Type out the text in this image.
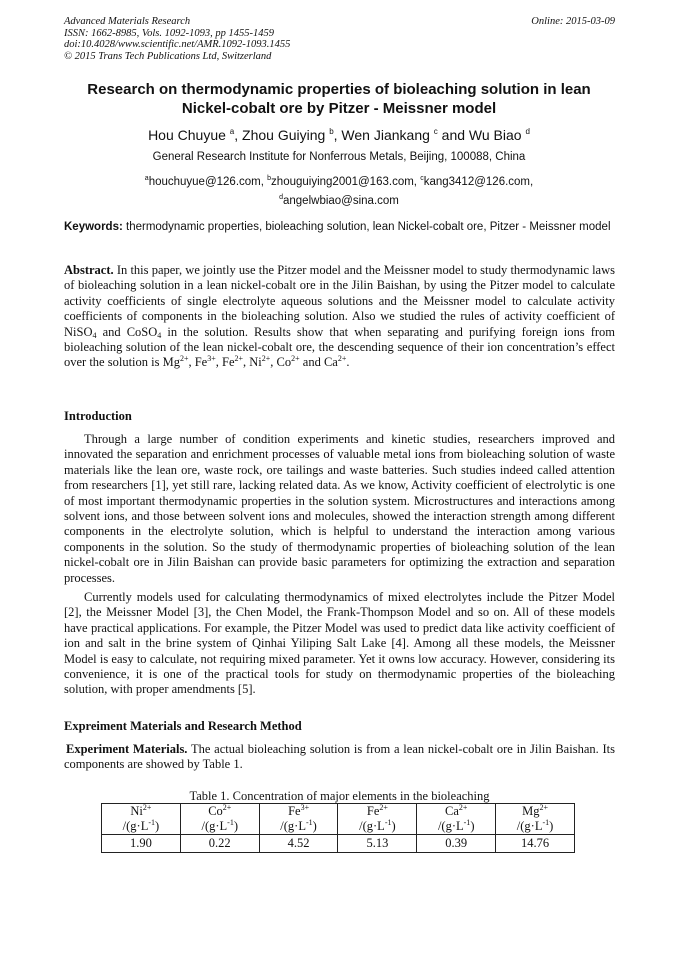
Advanced Materials Research
ISSN: 1662-8985, Vols. 1092-1093, pp 1455-1459
doi:10.4028/www.scientific.net/AMR.1092-1093.1455
© 2015 Trans Tech Publications Ltd, Switzerland
Online: 2015-03-09
Research on thermodynamic properties of bioleaching solution in lean
Nickel-cobalt ore by Pitzer - Meissner model
Hou Chuyue $^a$, Zhou Guiying $^b$, Wen Jiankang $^c$ and Wu Biao $^d$
General Research Institute for Nonferrous Metals, Beijing, 100088, China
$^a$houchuyue@126.com, $^b$zhouguiying2001@163.com, $^c$kang3412@126.com,
$^d$angelwbiao@sina.com
Keywords: thermodynamic properties, bioleaching solution, lean Nickel-cobalt ore, Pitzer - Meissner model
Abstract. In this paper, we jointly use the Pitzer model and the Meissner model to study thermodynamic laws of bioleaching solution in a lean nickel-cobalt ore in the Jilin Baishan, by using the Pitzer model to calculate activity coefficients of single electrolyte aqueous solutions and the Meissner model to calculate activity coefficients of components in the bioleaching solution. Also we studied the rules of activity coefficient of NiSO$_4$ and CoSO$_4$ in the solution. Results show that when separating and purifying foreign ions from bioleaching solution of the lean nickel-cobalt ore, the descending sequence of their ion concentration’s effect over the solution is $Mg^{2+}$, $Fe^{3+}$, $Fe^{2+}$, $Ni^{2+}$, $Co^{2+}$ and $Ca^{2+}$.
Introduction
Through a large number of condition experiments and kinetic studies, researchers improved and innovated the separation and enrichment processes of valuable metal ions from bioleaching solution of waste materials like the lean ore, waste rock, ore tailings and waste batteries. Such studies indeed called attention from researchers [1], yet still rare, lacking related data. As we know, Activity coefficient of electrolytic is one of most important thermodynamic properties in the solution system. Microstructures and interactions among solvent ions, and those between solvent ions and molecules, showed the interaction strength among different components in the electrolyte solution, which is helpful to understand the interaction among various components in the solution. So the study of thermodynamic properties of bioleaching solution of the lean nickel-cobalt ore in Jilin Baishan can provide basic parameters for optimizing the extraction and separation processes.
Currently models used for calculating thermodynamics of mixed electrolytes include the Pitzer Model [2], the Meissner Model [3], the Chen Model, the Frank-Thompson Model and so on. All of these models have practical applications. For example, the Pitzer Model was used to predict data like activity coefficient of ion and salt in the brine system of Qinhai Yiliping Salt Lake [4]. Among all these models, the Meissner Model is easy to calculate, not requiring mixed parameter. Yet it owns low accuracy. However, considering its convenience, it is one of the practical tools for study on thermodynamic properties of the bioleaching solution, with proper amendments [5].
Expreiment Materials and Research Method
Experiment Materials. The actual bioleaching solution is from a lean nickel-cobalt ore in Jilin Baishan. Its components are showed by Table 1.
Table 1. Concentration of major elements in the bioleaching
$Ni^{2+}$	$Co^{2+}$	$Fe^{3+}$	$Fe^{2+}$	$Ca^{2+}$	$Mg^{2+}$
$/(g\cdot L^{-1})$	$/(g\cdot L^{-1})$	$/(g\cdot L^{-1})$	$/(g\cdot L^{-1})$	$/(g\cdot L^{-1})$	$/(g\cdot L^{-1})$
1.90	0.22	4.52	5.13	0.39	14.76
